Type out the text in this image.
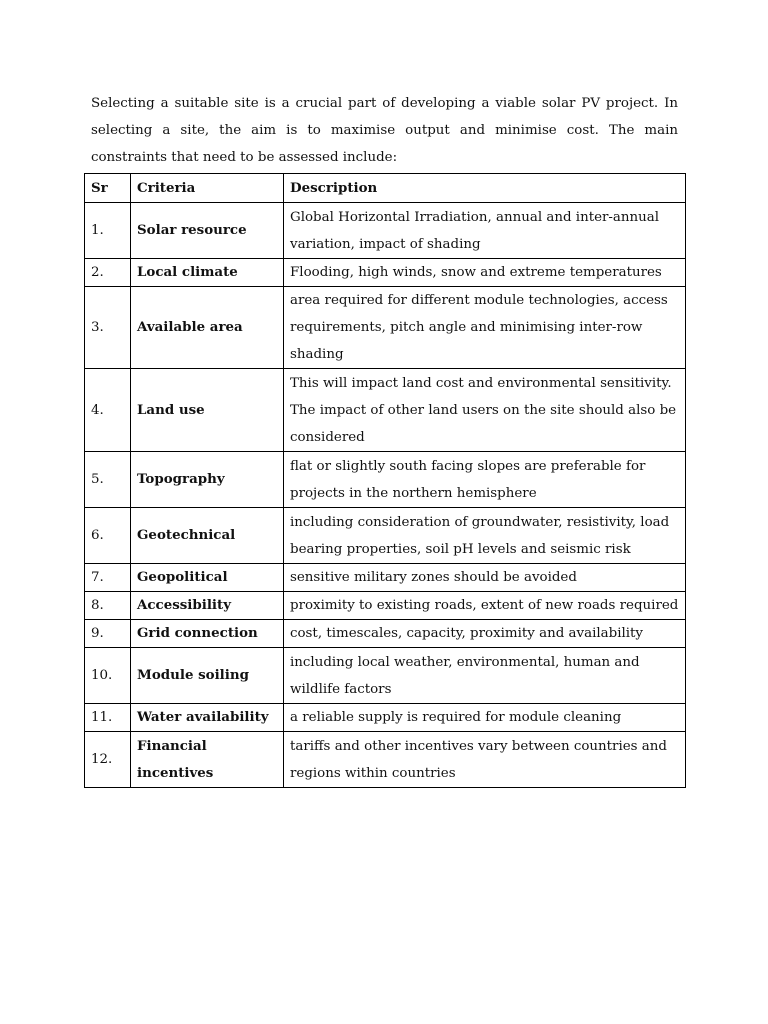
Selecting a suitable site is a crucial part of developing a viable solar PV project. In selecting a site, the aim is to maximise output and minimise cost. The main constraints that need to be assessed include:

Sr	Criteria	Description
1.	Solar resource	Global Horizontal Irradiation, annual and inter-annual variation, impact of shading
2.	Local climate	Flooding, high winds, snow and extreme temperatures
3.	Available area	area required for different module technologies, access requirements, pitch angle and minimising inter-row shading
4.	Land use	This will impact land cost and environmental sensitivity. The impact of other land users on the site should also be considered
5.	Topography	flat or slightly south facing slopes are preferable for projects in the northern hemisphere
6.	Geotechnical	including consideration of groundwater, resistivity, load bearing properties, soil pH levels and seismic risk
7.	Geopolitical	sensitive military zones should be avoided
8.	Accessibility	proximity to existing roads, extent of new roads required
9.	Grid connection	cost, timescales, capacity, proximity and availability
10.	Module soiling	including local weather, environmental, human and wildlife factors
11.	Water availability	a reliable supply is required for module cleaning
12.	Financial incentives	tariffs and other incentives vary between countries and regions within countries
